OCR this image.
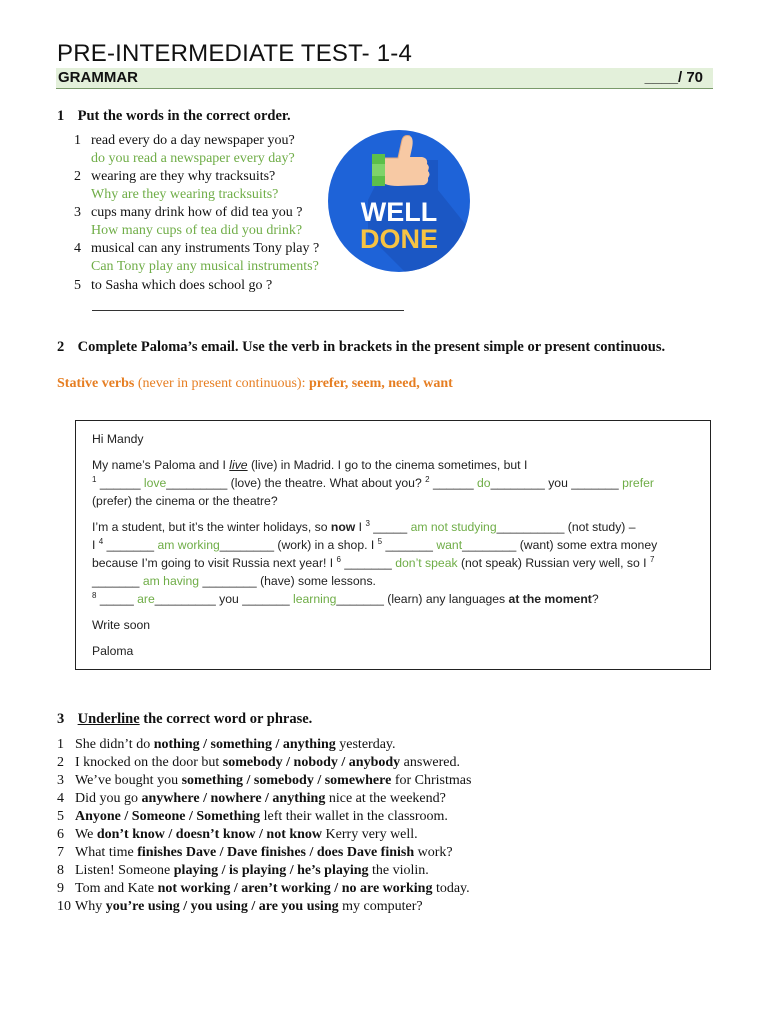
PRE-INTERMEDIATE TEST- 1-4
GRAMMAR	____/ 70
1 Put the words in the correct order.
1 read every do a day newspaper you?
do you read a newspaper every day?
2 wearing are they why tracksuits?
Why are they wearing tracksuits?
3 cups many drink how of did tea you ?
How many cups of tea did you drink?
4 musical can any instruments Tony play ?
Can Tony play any musical instruments?
5 to Sasha which does school go ?
WELL
DONE
2 Complete Paloma’s email. Use the verb in brackets in the present simple or present continuous.
Stative verbs (never in present continuous): prefer, seem, need, want
Hi Mandy
My name’s Paloma and I live (live) in Madrid. I go to the cinema sometimes, but I
$^1$ ______ love_________ (love) the theatre. What about you? $^2$ ______ do________ you _______ prefer
(prefer) the cinema or the theatre?
I’m a student, but it’s the winter holidays, so now I $^3$ _____ am not studying__________ (not study) –
I $^4$ _______ am working________ (work) in a shop. I $^5$ _______ want________ (want) some extra money
because I’m going to visit Russia next year! I $^6$ _______ don’t speak (not speak) Russian very well, so I $^7$
_______ am having ________ (have) some lessons.
$^8$ _____ are_________ you _______ learning_______ (learn) any languages at the moment?
Write soon
Paloma
3 Underline the correct word or phrase.
1 She didn’t do nothing / something / anything yesterday.
2 I knocked on the door but somebody / nobody / anybody answered.
3 We’ve bought you something / somebody / somewhere for Christmas
4 Did you go anywhere / nowhere / anything nice at the weekend?
5 Anyone / Someone / Something left their wallet in the classroom.
6 We don’t know / doesn’t know / not know Kerry very well.
7 What time finishes Dave / Dave finishes / does Dave finish work?
8 Listen! Someone playing / is playing / he’s playing the violin.
9 Tom and Kate not working / aren’t working / no are working today.
10 Why you’re using / you using / are you using my computer?
